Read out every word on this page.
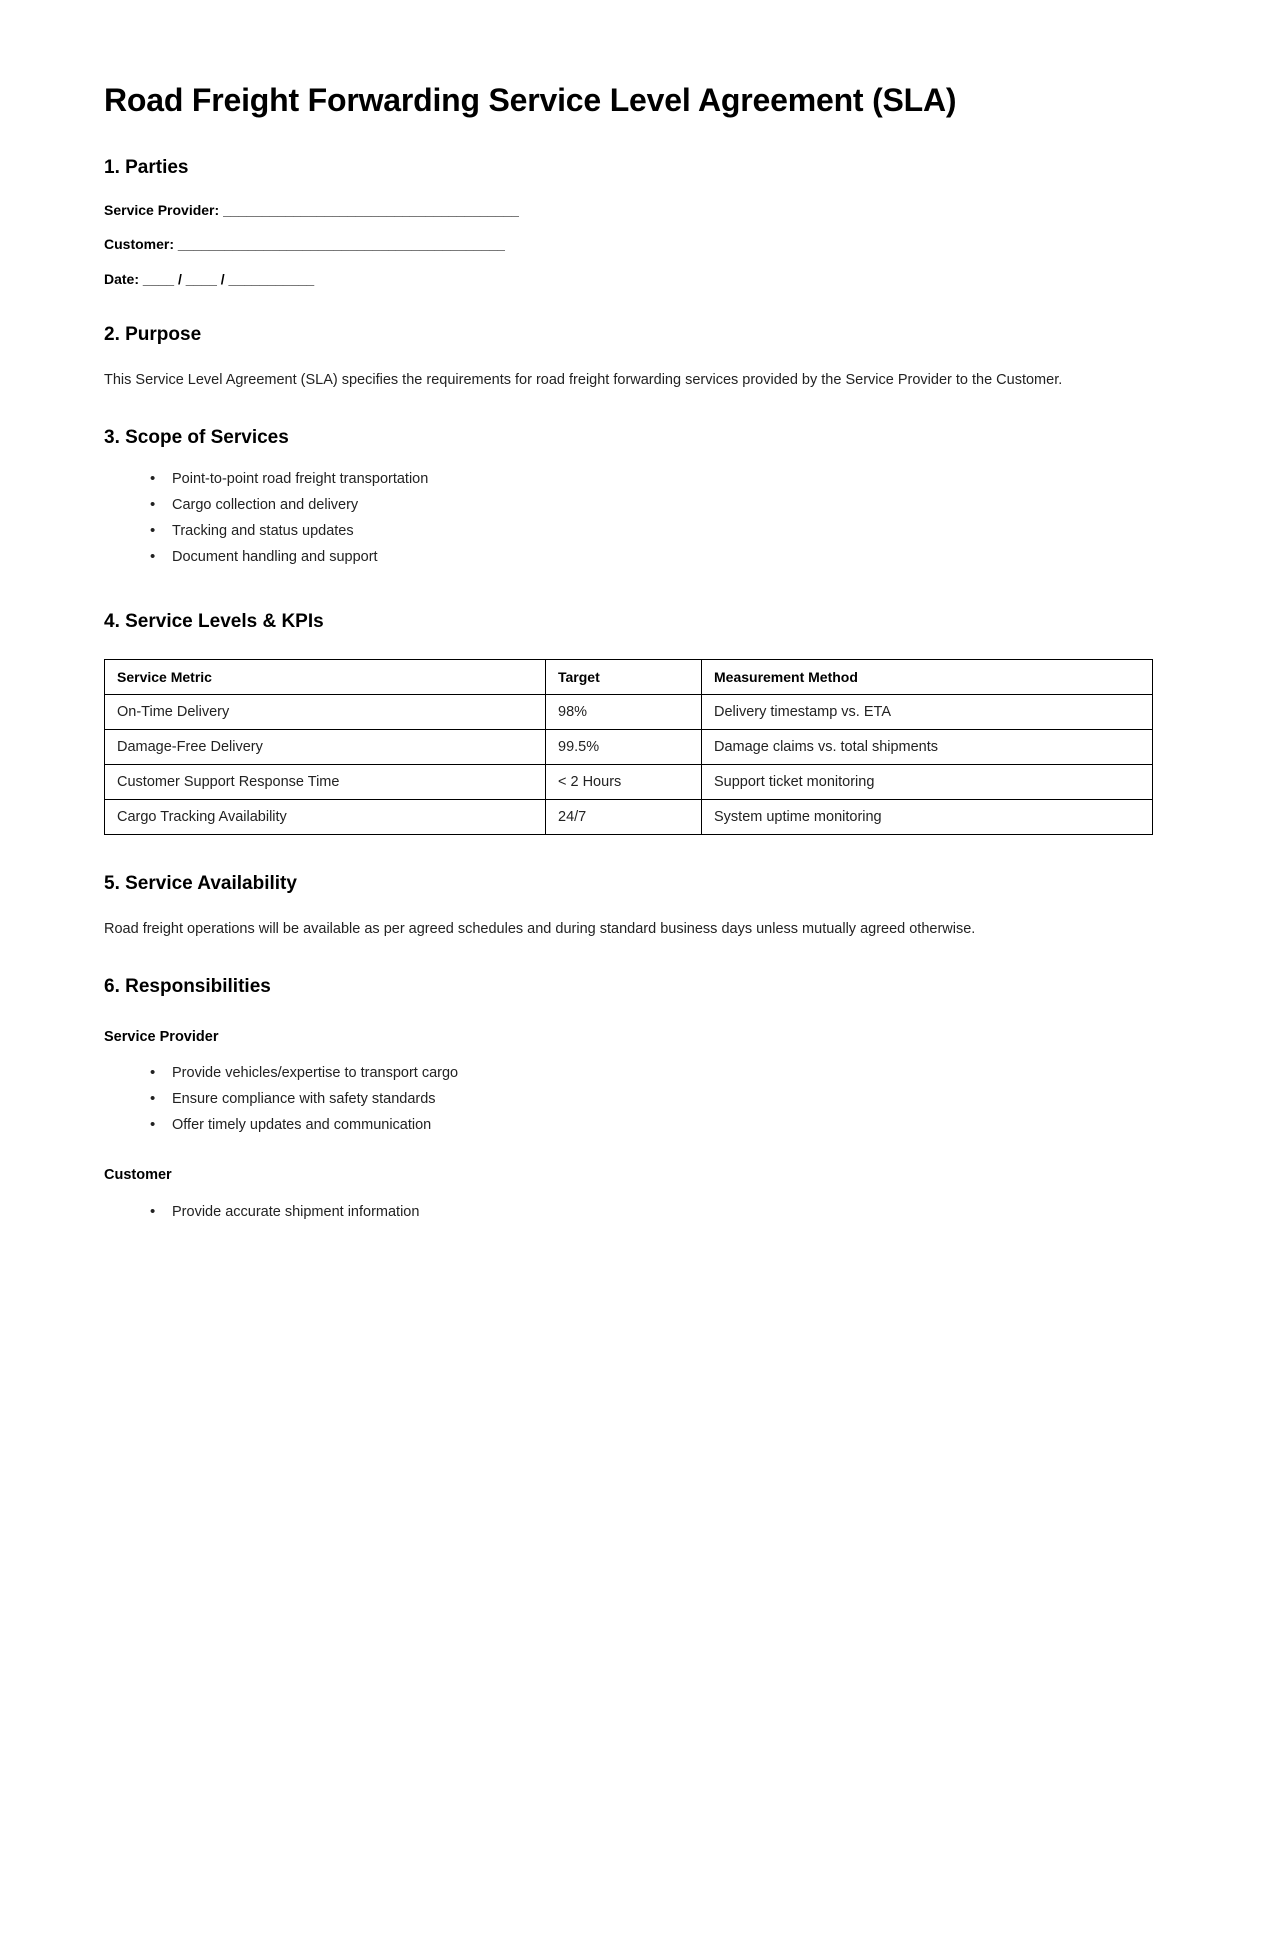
Road Freight Forwarding Service Level Agreement (SLA)
1. Parties
Service Provider: ______________________________________
Customer: __________________________________________
Date: ____ / ____ / ___________
2. Purpose

This Service Level Agreement (SLA) specifies the requirements for road freight forwarding services provided by the Service Provider to the Customer.

3. Scope of Services
• Point-to-point road freight transportation
• Cargo collection and delivery
• Tracking and status updates
• Document handling and support
4. Service Levels & KPIs
Service Metric	Target	Measurement Method
On-Time Delivery	98%	Delivery timestamp vs. ETA
Damage-Free Delivery	99.5%	Damage claims vs. total shipments
Customer Support Response Time	< 2 Hours	Support ticket monitoring
Cargo Tracking Availability	24/7	System uptime monitoring
5. Service Availability

Road freight operations will be available as per agreed schedules and during standard business days unless mutually agreed otherwise.

6. Responsibilities
Service Provider
• Provide vehicles/expertise to transport cargo
• Ensure compliance with safety standards
• Offer timely updates and communication
Customer
• Provide accurate shipment information
